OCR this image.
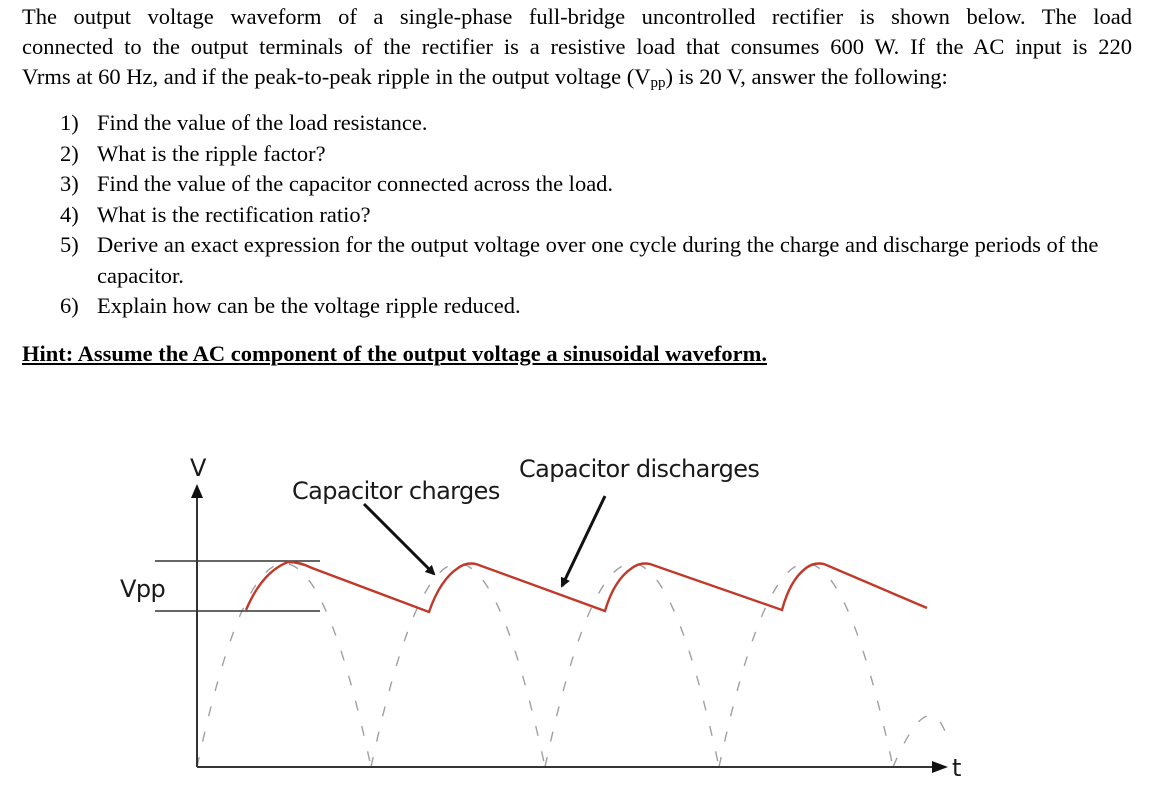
The output voltage waveform of a single-phase full-bridge uncontrolled rectifier is shown below. The load
connected to the output terminals of the rectifier is a resistive load that consumes 600 W. If the AC input is 220
Vrms at 60 Hz, and if the peak-to-peak ripple in the output voltage $(V_{pp})$ is 20 V, answer the following:

1) Find the value of the load resistance.
2) What is the ripple factor?
3) Find the value of the capacitor connected across the load.
4) What is the rectification ratio?
5) Derive an exact expression for the output voltage over one cycle during the charge and discharge periods of the capacitor.
6) Explain how can be the voltage ripple reduced.
Hint: Assume the AC component of the output voltage a sinusoidal waveform.
V
t
Vpp
Capacitor charges
Capacitor discharges
